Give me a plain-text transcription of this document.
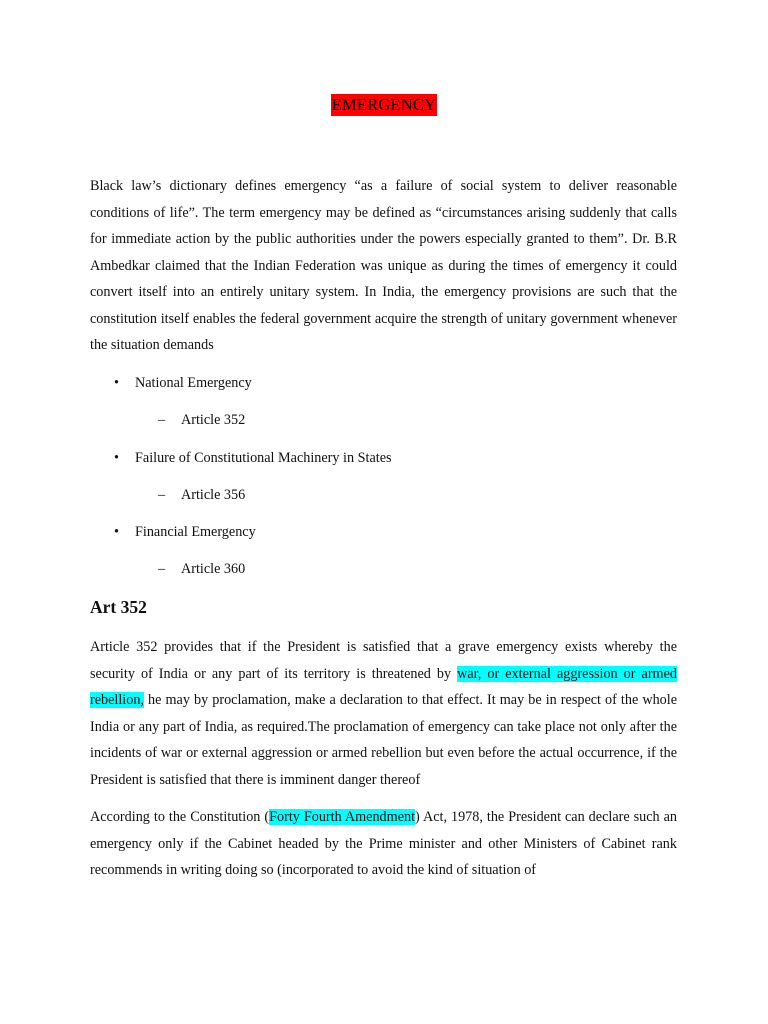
EMERGENCY

Black law’s dictionary defines emergency “as a failure of social system to deliver reasonable conditions of life”. The term emergency may be defined as “circumstances arising suddenly that calls for immediate action by the public authorities under the powers especially granted to them”. Dr. B.R Ambedkar claimed that the Indian Federation was unique as during the times of emergency it could convert itself into an entirely unitary system. In India, the emergency provisions are such that the constitution itself enables the federal government acquire the strength of unitary government whenever the situation demands

• National Emergency
– Article 352
• Failure of Constitutional Machinery in States
– Article 356
• Financial Emergency
– Article 360
Art 352

Article 352 provides that if the President is satisfied that a grave emergency exists whereby the security of India or any part of its territory is threatened by war, or external aggression or armed rebellion, he may by proclamation, make a declaration to that effect. It may be in respect of the whole India or any part of India, as required.The proclamation of emergency can take place not only after the incidents of war or external aggression or armed rebellion but even before the actual occurrence, if the President is satisfied that there is imminent danger thereof

According to the Constitution (Forty Fourth Amendment) Act, 1978, the President can declare such an emergency only if the Cabinet headed by the Prime minister and other Ministers of Cabinet rank recommends in writing doing so (incorporated to avoid the kind of situation of
